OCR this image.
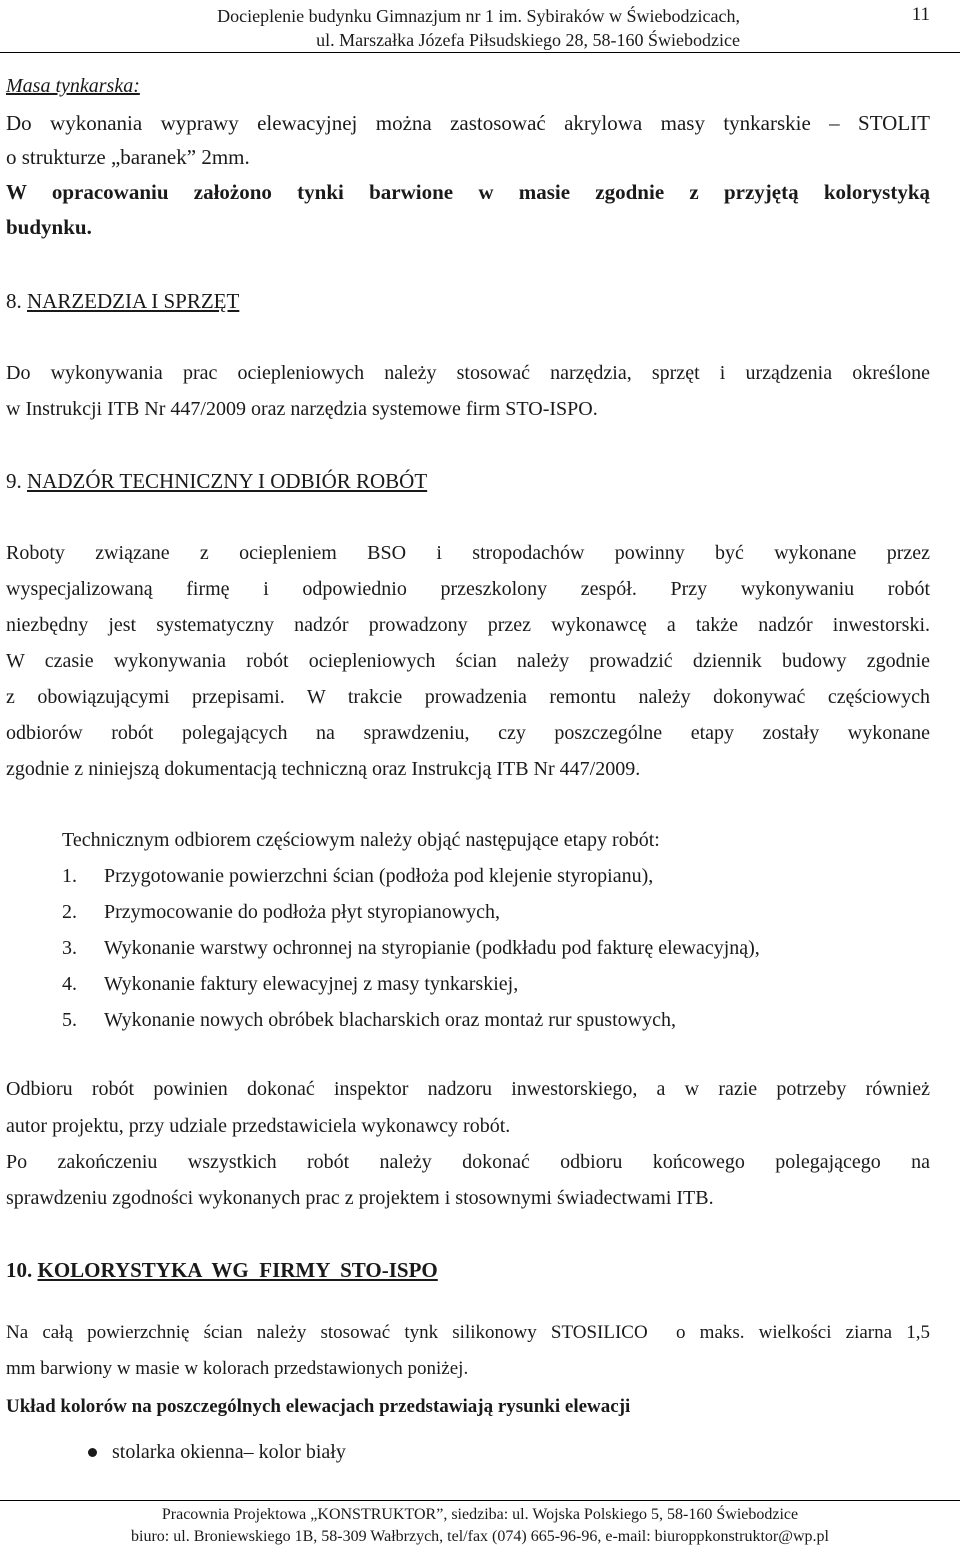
Docieplenie budynku Gimnazjum nr 1 im. Sybiraków w Świebodzicach,
ul. Marszałka Józefa Piłsudskiego 28, 58-160 Świebodzice
11
Masa tynkarska:
Do wykonania wyprawy elewacyjnej można zastosować akrylowa masy tynkarskie – STOLIT
o strukturze „baranek” 2mm.
W opracowaniu założono tynki barwione w masie zgodnie z przyjętą kolorystyką
budynku.
8. NARZEDZIA I SPRZĘT
Do wykonywania prac ociepleniowych należy stosować narzędzia, sprzęt i urządzenia określone
w Instrukcji ITB Nr 447/2009 oraz narzędzia systemowe firm STO-ISPO.
9. NADZÓR TECHNICZNY I ODBIÓR ROBÓT
Roboty związane z ociepleniem BSO i stropodachów powinny być wykonane przez
wyspecjalizowaną firmę i odpowiednio przeszkolony zespół. Przy wykonywaniu robót
niezbędny jest systematyczny nadzór prowadzony przez wykonawcę a także nadzór inwestorski.
W czasie wykonywania robót ociepleniowych ścian należy prowadzić dziennik budowy zgodnie
z obowiązującymi przepisami. W trakcie prowadzenia remontu należy dokonywać częściowych
odbiorów robót polegających na sprawdzeniu, czy poszczególne etapy zostały wykonane
zgodnie z niniejszą dokumentacją techniczną oraz Instrukcją ITB Nr 447/2009.
Technicznym odbiorem częściowym należy objąć następujące etapy robót:
1. Przygotowanie powierzchni ścian (podłoża pod klejenie styropianu),
2. Przymocowanie do podłoża płyt styropianowych,
3. Wykonanie warstwy ochronnej na styropianie (podkładu pod fakturę elewacyjną),
4. Wykonanie faktury elewacyjnej z masy tynkarskiej,
5. Wykonanie nowych obróbek blacharskich oraz montaż rur spustowych,
Odbioru robót powinien dokonać inspektor nadzoru inwestorskiego, a w razie potrzeby również
autor projektu, przy udziale przedstawiciela wykonawcy robót.
Po zakończeniu wszystkich robót należy dokonać odbioru końcowego polegającego na
sprawdzeniu zgodności wykonanych prac z projektem i stosownymi świadectwami ITB.
10. KOLORYSTYKA  WG  FIRMY  STO-ISPO
Na całą powierzchnię ścian należy stosować tynk silikonowy STOSILICO  o maks. wielkości ziarna 1,5
mm barwiony w masie w kolorach przedstawionych poniżej.
Układ kolorów na poszczególnych elewacjach przedstawiają rysunki elewacji
stolarka okienna– kolor biały
Pracownia Projektowa „KONSTRUKTOR”, siedziba: ul. Wojska Polskiego 5, 58-160 Świebodzice
biuro: ul. Broniewskiego 1B, 58-309 Wałbrzych, tel/fax (074) 665-96-96, e-mail: biuroppkonstruktor@wp.pl
